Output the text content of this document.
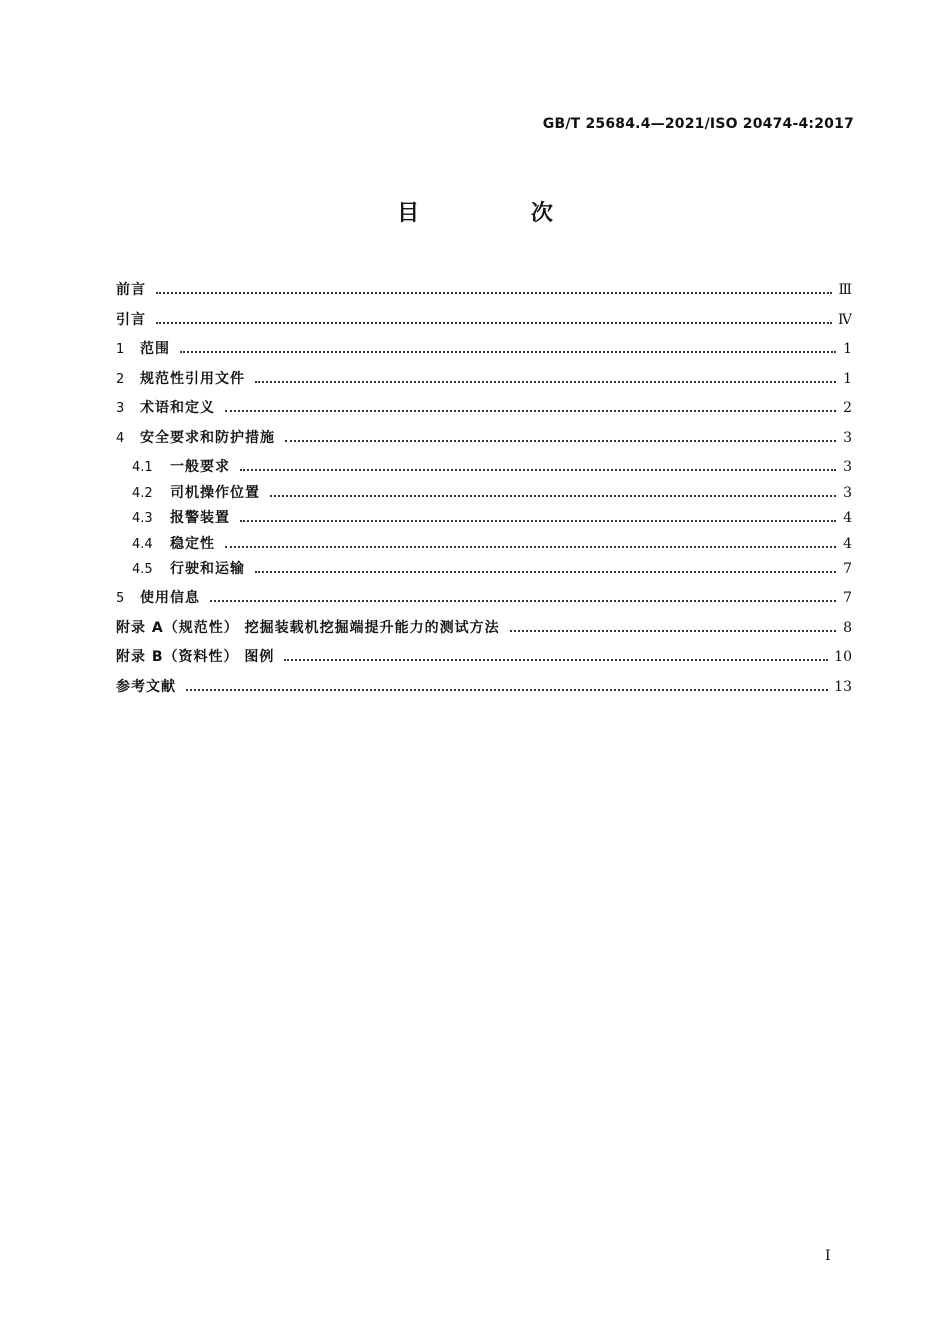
GB/T 25684.4—2021/ISO 20474-4:2017
目 次
前言	Ⅲ
引言	Ⅳ
1	范围	1
2	规范性引用文件	1
3	术语和定义	2
4	安全要求和防护措施	3
4.1	一般要求	3
4.2	司机操作位置	3
4.3	报警装置	4
4.4	稳定性	4
4.5	行驶和运输	7
5	使用信息	7
附录 A（规范性） 挖掘装载机挖掘端提升能力的测试方法	8
附录 B（资料性） 图例	10
参考文献	13
I
